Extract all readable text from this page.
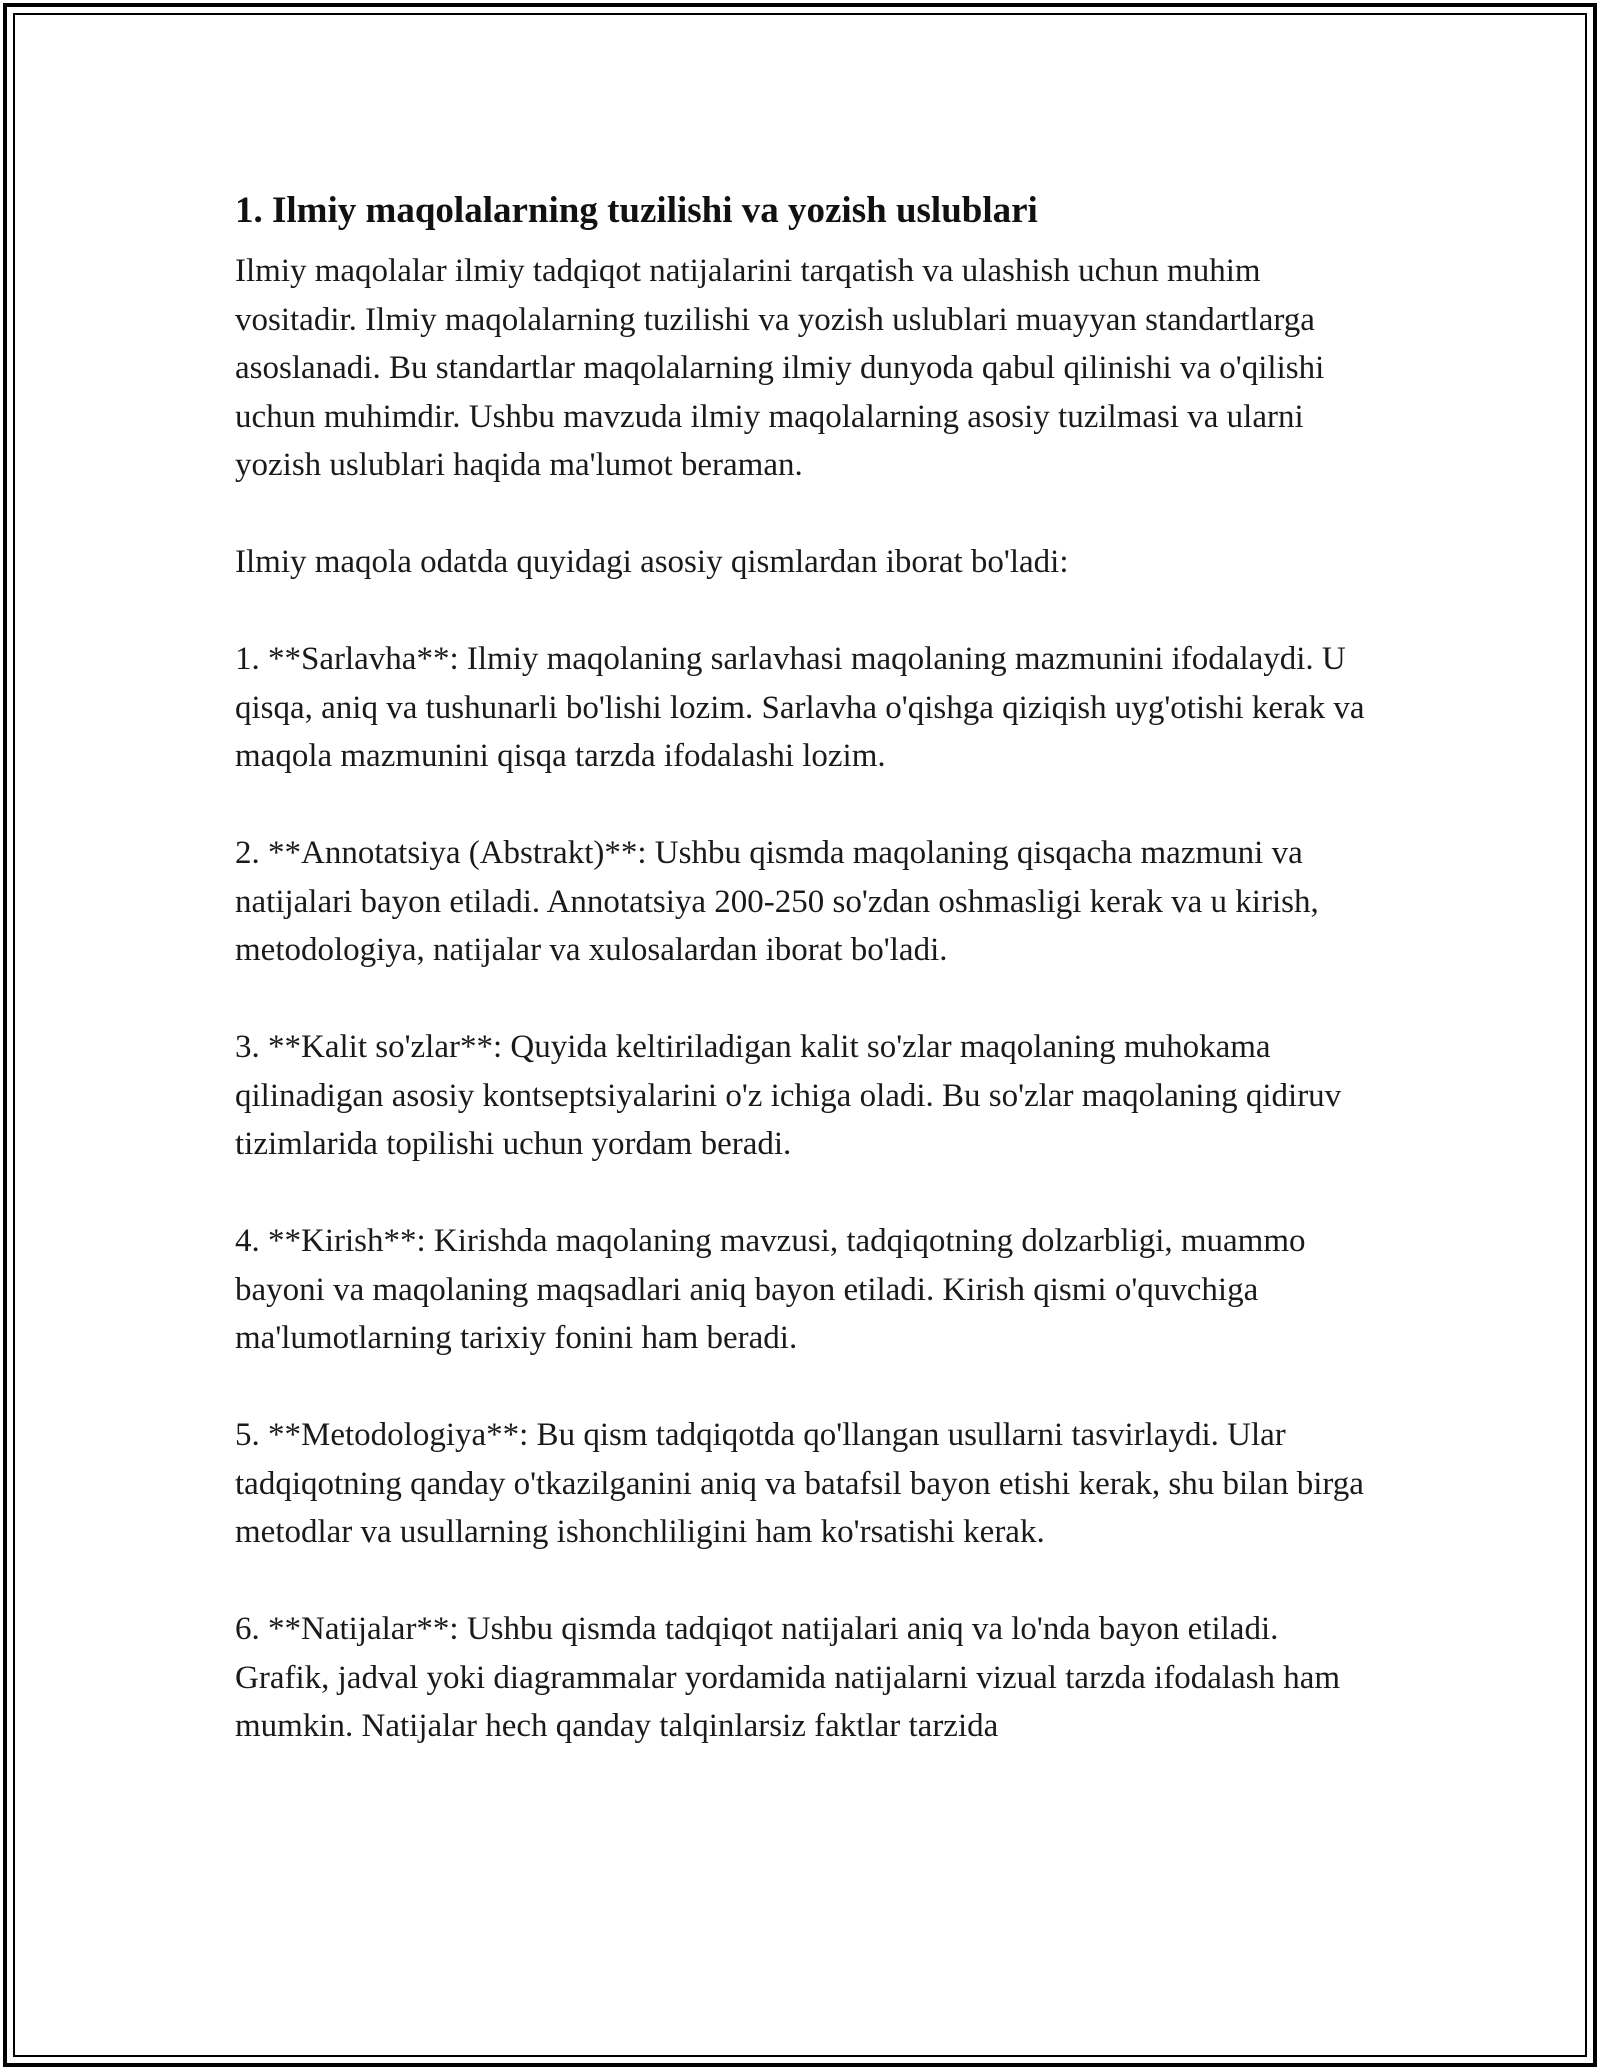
1. Ilmiy maqolalarning tuzilishi va yozish uslublari

Ilmiy maqolalar ilmiy tadqiqot natijalarini tarqatish va ulashish uchun muhim vositadir. Ilmiy maqolalarning tuzilishi va yozish uslublari muayyan standartlarga asoslanadi. Bu standartlar maqolalarning ilmiy dunyoda qabul qilinishi va o'qilishi uchun muhimdir. Ushbu mavzuda ilmiy maqolalarning asosiy tuzilmasi va ularni yozish uslublari haqida ma'lumot beraman.

Ilmiy maqola odatda quyidagi asosiy qismlardan iborat bo'ladi:

1. **Sarlavha**: Ilmiy maqolaning sarlavhasi maqolaning mazmunini ifodalaydi. U qisqa, aniq va tushunarli bo'lishi lozim. Sarlavha o'qishga qiziqish uyg'otishi kerak va maqola mazmunini qisqa tarzda ifodalashi lozim.

2. **Annotatsiya (Abstrakt)**: Ushbu qismda maqolaning qisqacha mazmuni va natijalari bayon etiladi. Annotatsiya 200-250 so'zdan oshmasligi kerak va u kirish, metodologiya, natijalar va xulosalardan iborat bo'ladi.

3. **Kalit so'zlar**: Quyida keltiriladigan kalit so'zlar maqolaning muhokama qilinadigan asosiy kontseptsiyalarini o'z ichiga oladi. Bu so'zlar maqolaning qidiruv tizimlarida topilishi uchun yordam beradi.

4. **Kirish**: Kirishda maqolaning mavzusi, tadqiqotning dolzarbligi, muammo bayoni va maqolaning maqsadlari aniq bayon etiladi. Kirish qismi o'quvchiga ma'lumotlarning tarixiy fonini ham beradi.

5. **Metodologiya**: Bu qism tadqiqotda qo'llangan usullarni tasvirlaydi. Ular tadqiqotning qanday o'tkazilganini aniq va batafsil bayon etishi kerak, shu bilan birga metodlar va usullarning ishonchliligini ham ko'rsatishi kerak.

6. **Natijalar**: Ushbu qismda tadqiqot natijalari aniq va lo'nda bayon etiladi. Grafik, jadval yoki diagrammalar yordamida natijalarni vizual tarzda ifodalash ham mumkin. Natijalar hech qanday talqinlarsiz faktlar tarzida
